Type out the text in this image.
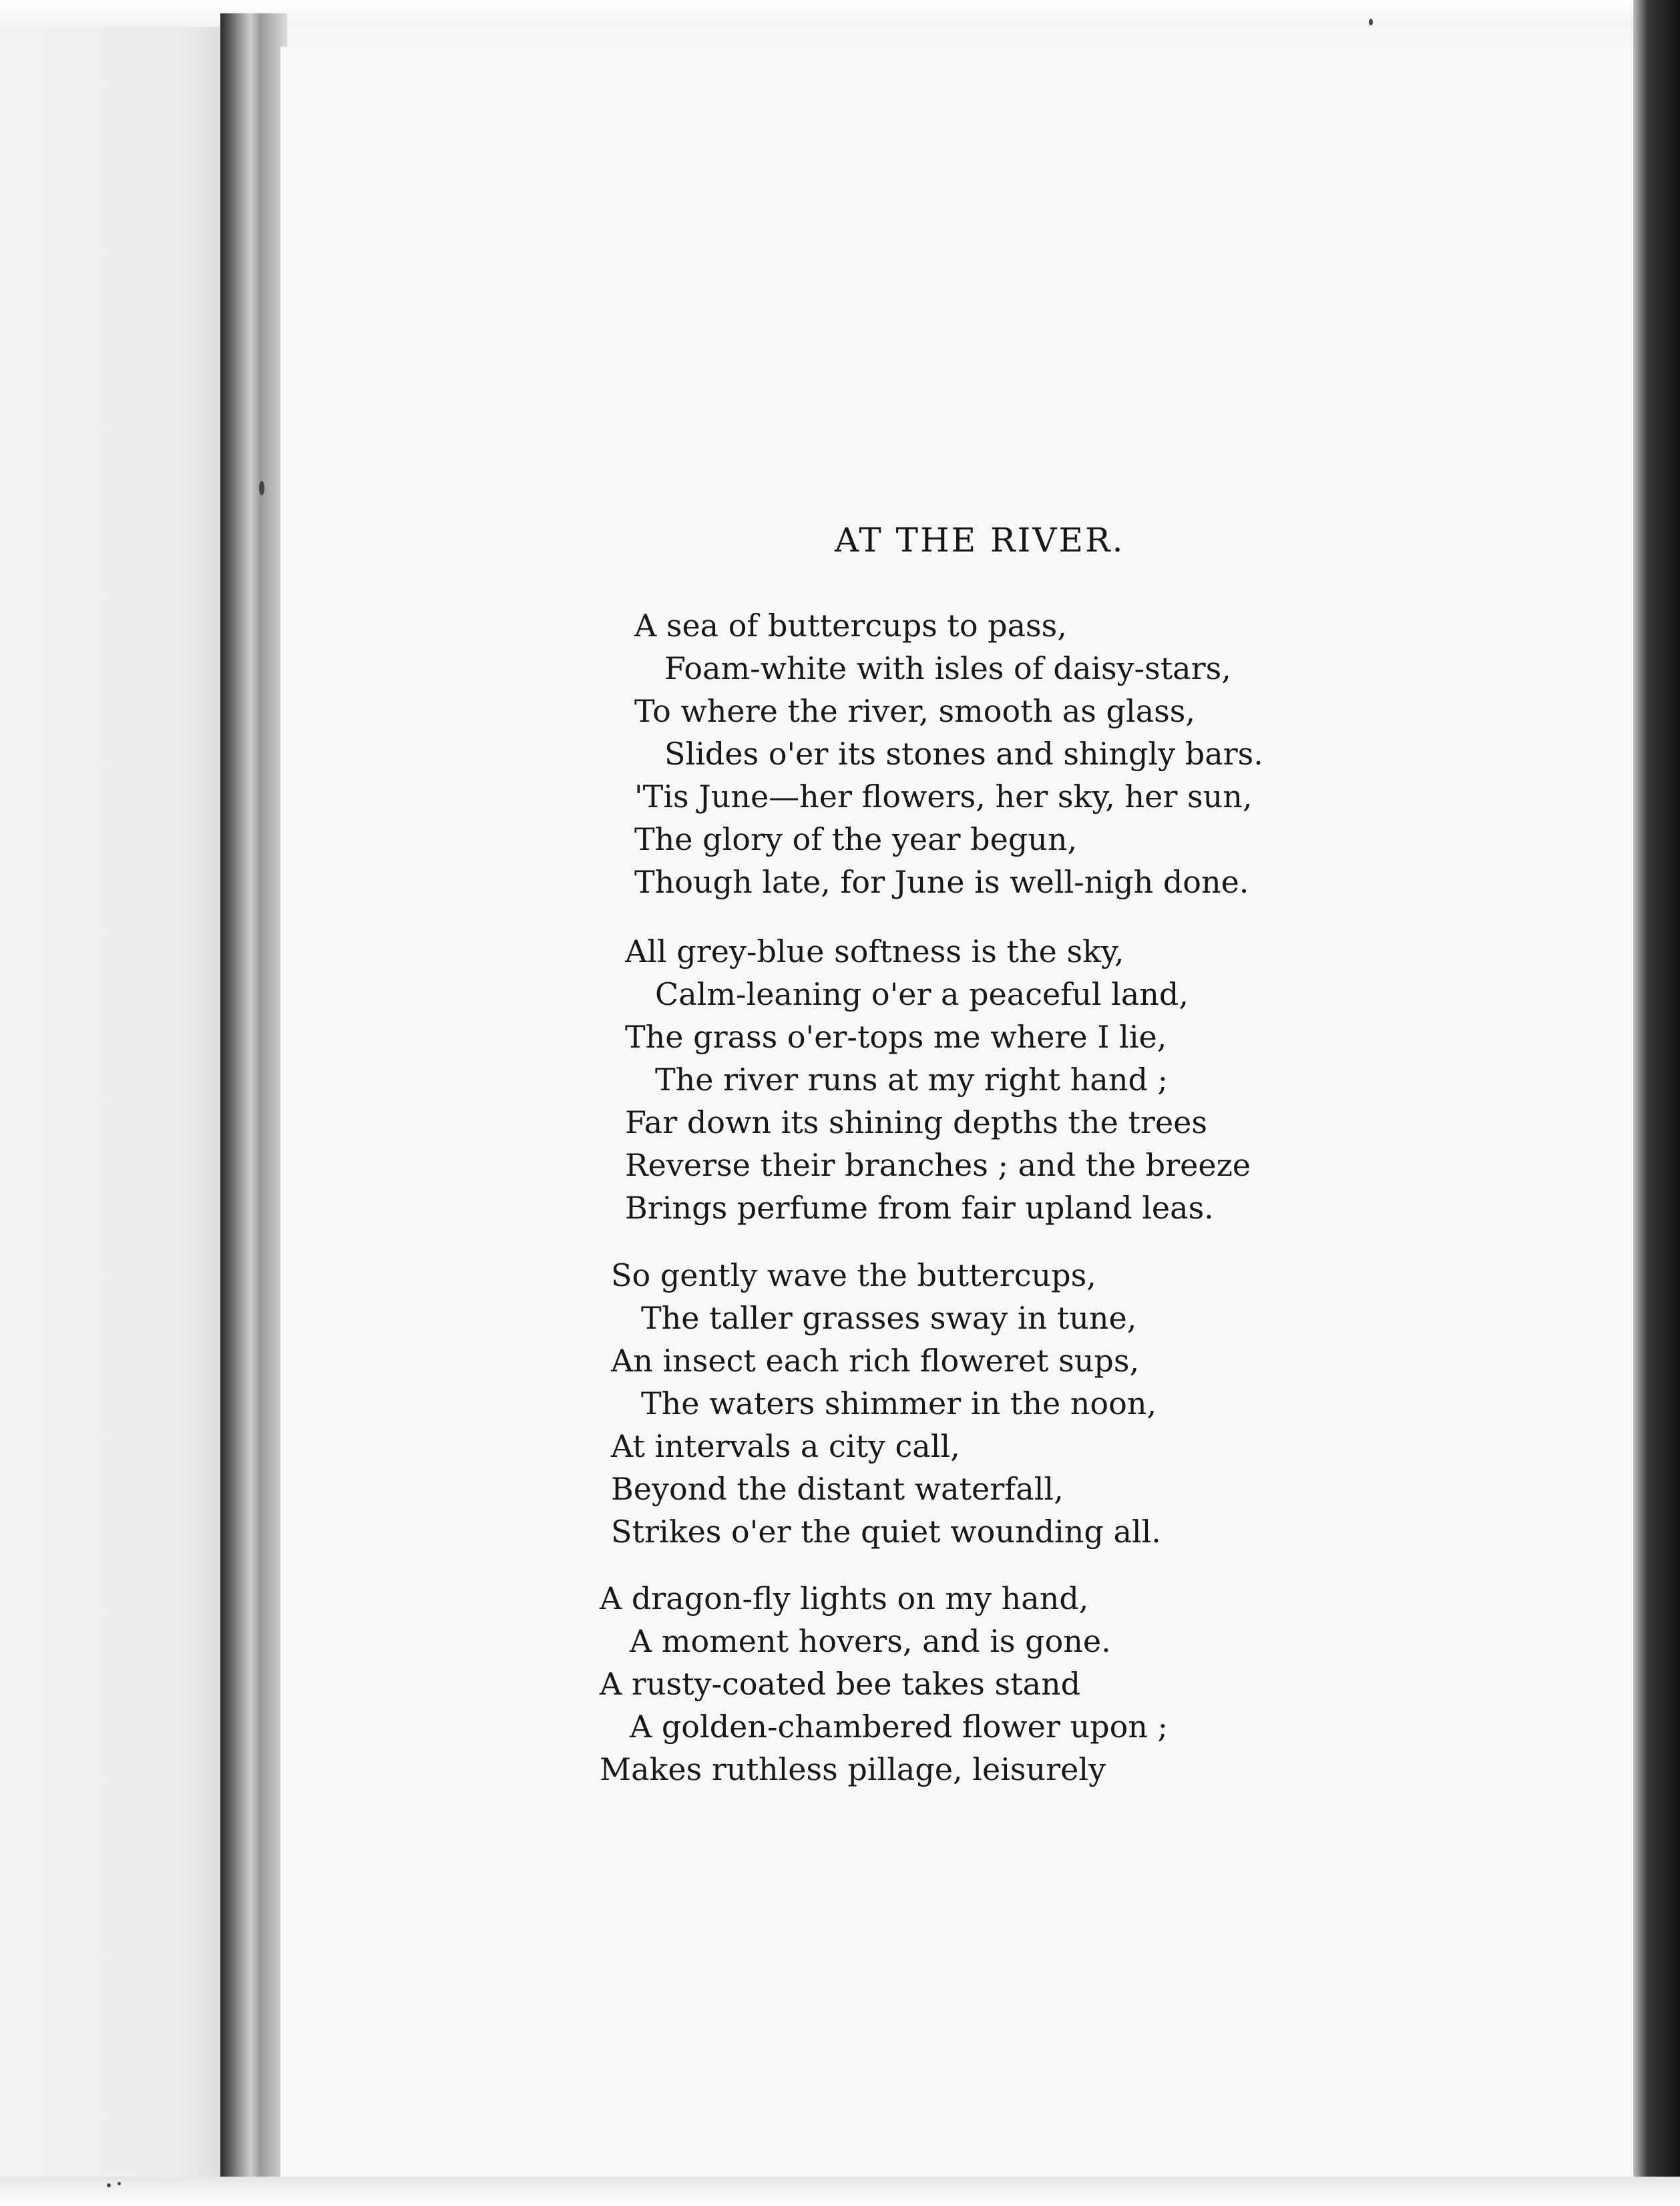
AT THE RIVER.
A sea of buttercups to pass,
Foam-white with isles of daisy-stars,
To where the river, smooth as glass,
Slides o'er its stones and shingly bars.
'Tis June—her flowers, her sky, her sun,
The glory of the year begun,
Though late, for June is well-nigh done.
All grey-blue softness is the sky,
Calm-leaning o'er a peaceful land,
The grass o'er-tops me where I lie,
The river runs at my right hand ;
Far down its shining depths the trees
Reverse their branches ; and the breeze
Brings perfume from fair upland leas.
So gently wave the buttercups,
The taller grasses sway in tune,
An insect each rich floweret sups,
The waters shimmer in the noon,
At intervals a city call,
Beyond the distant waterfall,
Strikes o'er the quiet wounding all.
A dragon-fly lights on my hand,
A moment hovers, and is gone.
A rusty-coated bee takes stand
A golden-chambered flower upon ;
Makes ruthless pillage, leisurely
